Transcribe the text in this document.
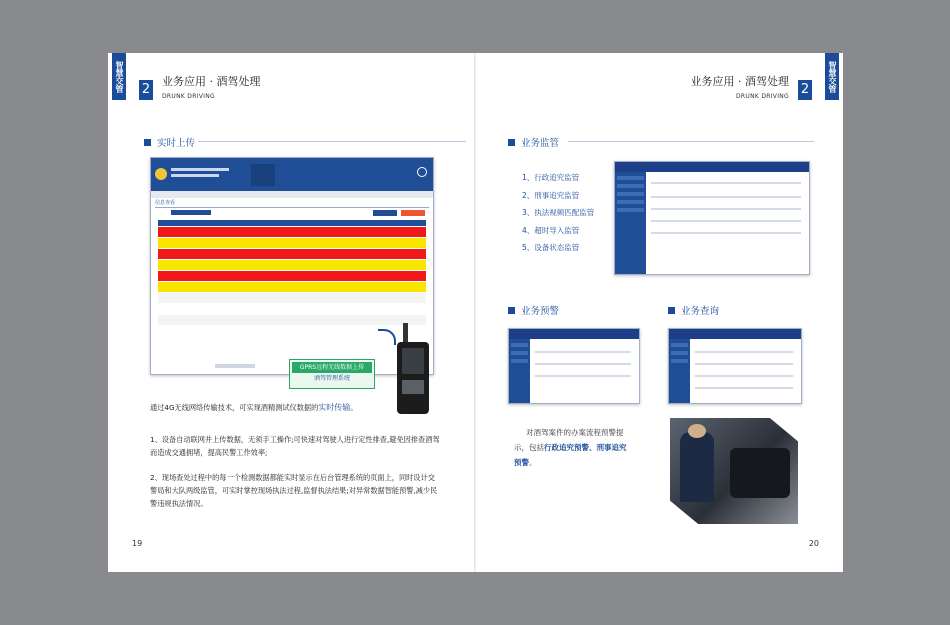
智慧交管 2
业务应用 · 酒驾处理
DRUNK DRIVING
实时上传
信息查看
GPRS远程无线数据上传
酒驾管理系统
通过4G无线网络传输技术，可实现酒精测试仪数据的实时传输。
1、设备自动联网并上传数据，无须手工操作;可快速对驾驶人进行定性排查,避免因排查酒驾而造成交通拥堵，提高民警工作效率;
2、现场查处过程中的每一个检测数据都能实时显示在后台管理系统的页面上，同时设计交警局和大队两级监管，可实时掌控现场执法过程,监督执法结果;对异常数据智能预警,减少民警违规执法情况。
19
智慧交管
2
业务应用 · 酒驾处理
DRUNK DRIVING
业务监管
1、行政追究监管
2、刑事追究监管
3、执法视频匹配监管
4、超时导入监管
5、设备状态监管
业务预警	业务查询
对酒驾案件的办案流程预警提示，包括行政追究预警、刑事追究预警。
20
